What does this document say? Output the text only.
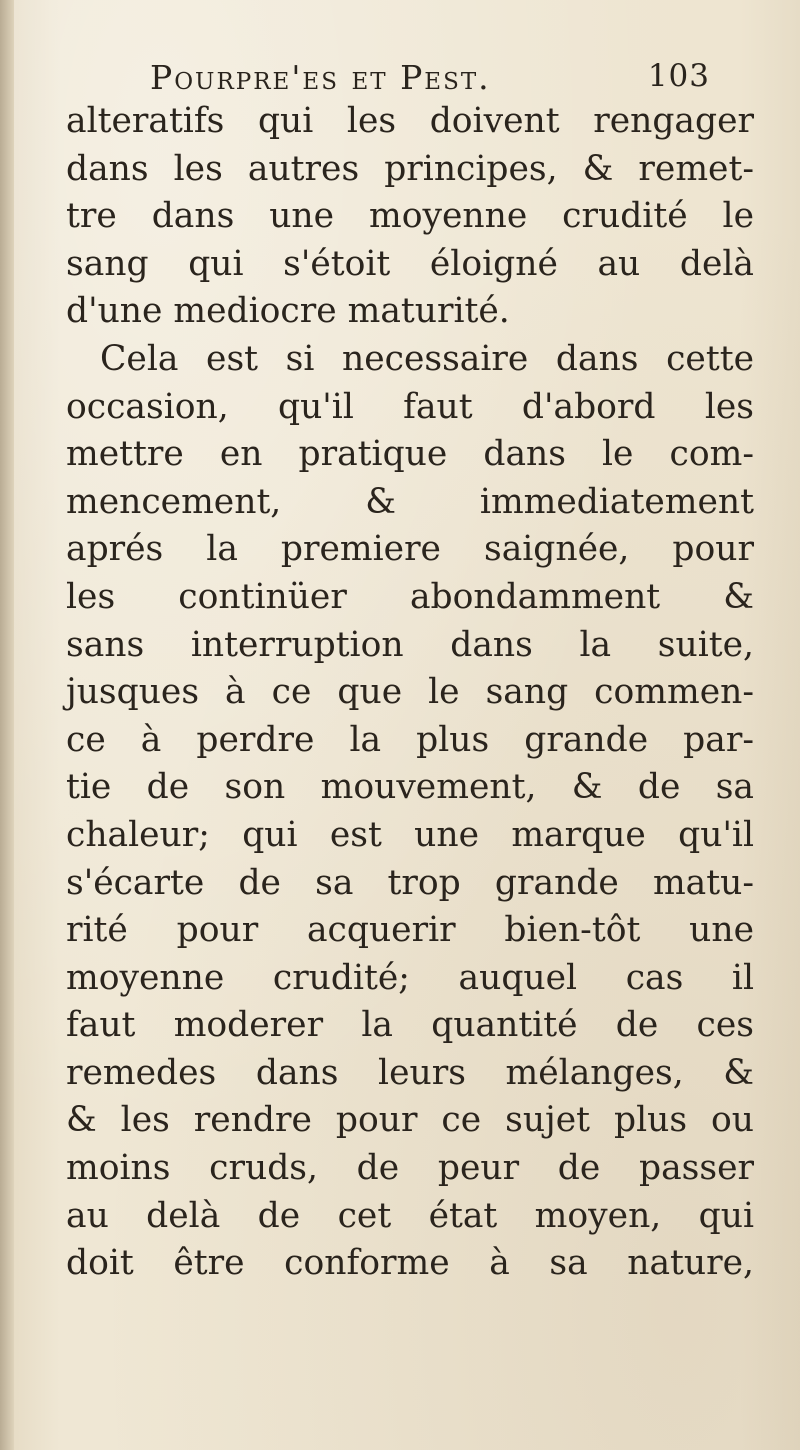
Pourpre'es et Pest.	103
alteratifs qui les doivent rengager
dans les autres principes, & remet-
tre dans une moyenne crudité le
sang qui s'étoit éloigné au delà
d'une mediocre maturité.
Cela est si necessaire dans cette
occasion, qu'il faut d'abord les
mettre en pratique dans le com-
mencement, & immediatement
aprés la premiere saignée, pour
les continüer abondamment &
sans interruption dans la suite,
jusques à ce que le sang commen-
ce à perdre la plus grande par-
tie de son mouvement, & de sa
chaleur; qui est une marque qu'il
s'écarte de sa trop grande matu-
rité pour acquerir bien-tôt une
moyenne crudité; auquel cas il
faut moderer la quantité de ces
remedes dans leurs mélanges, &
& les rendre pour ce sujet plus ou
moins cruds, de peur de passer
au delà de cet état moyen, qui
doit être conforme à sa nature,
